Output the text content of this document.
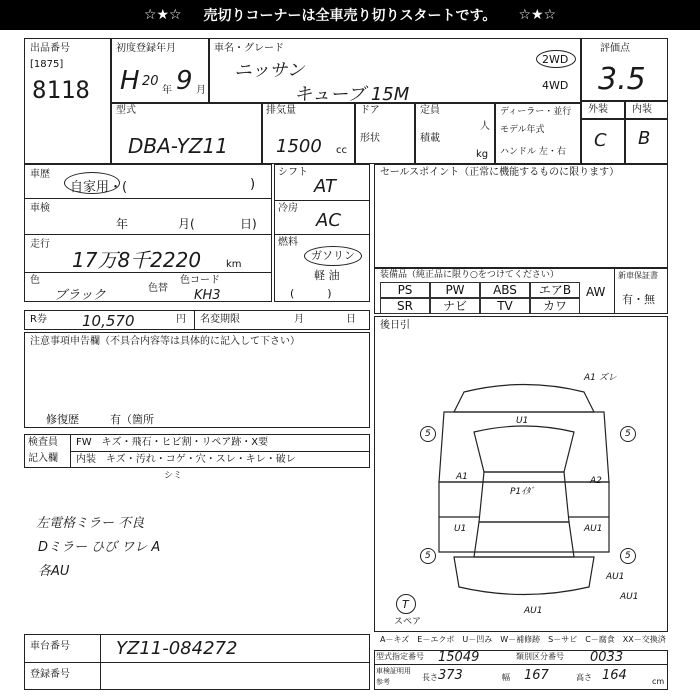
☆★☆ 売切りコーナーは全車売り切りスタートです。 ☆★☆
出品番号
[1875]
8118
初度登録年月
H 20
年 9 月
車名・グレード
ニッサン
キューブ 15M
2WD
4WD
評価点
3.5
外装 内装
C B
型式
DBA-YZ11
排気量
1500 cc
ドア
形状
定員
人
積載
kg
ディーラー・並行
モデル年式
ハンドル 左・右
車歴
自家用・(	)
車検
年	月(	日)
走行
17万8千2220 km
色
ブラック	色替
色コード
KH3
シフト
AT
冷房
AC
燃料
ガソリン
軽 油
(　　　)
セールスポイント（正常に機能するものに限ります）
装備品（純正品に限り○をつけてください）
PS	PW	ABS	エアB
SR	ナビ	TV	カワ
AW
新車保証書
有・無
R券 10,570	円 名変期限	月	日
後日引
A1 ズレ
U1
P1ｲﾀﾞ
A1	A2
U1	AU1
AU1
AU1
AU1
5	5
5	5
T
スペア
注意事項申告欄（不具合内容等は具体的に記入して下さい）
修復歴	有（箇所
検査員
記入欄
FW　キズ・飛石・ヒビ割・リペア跡・X要
内装　キズ・汚れ・コゲ・穴・スレ・キレ・破レ
シミ
左電格ミラー 不良
Dミラー ひび ワレ A
各AU
A－キズ　E－エクボ　U－凹み　W－補修跡　S－サビ　C－腐食　XX－交換済
車台番号	YZ11-084272
登録番号
型式指定番号 15049	類別区分番号 0033
車検証明用
参考	長さ 373	幅 167	高さ 164	cm
